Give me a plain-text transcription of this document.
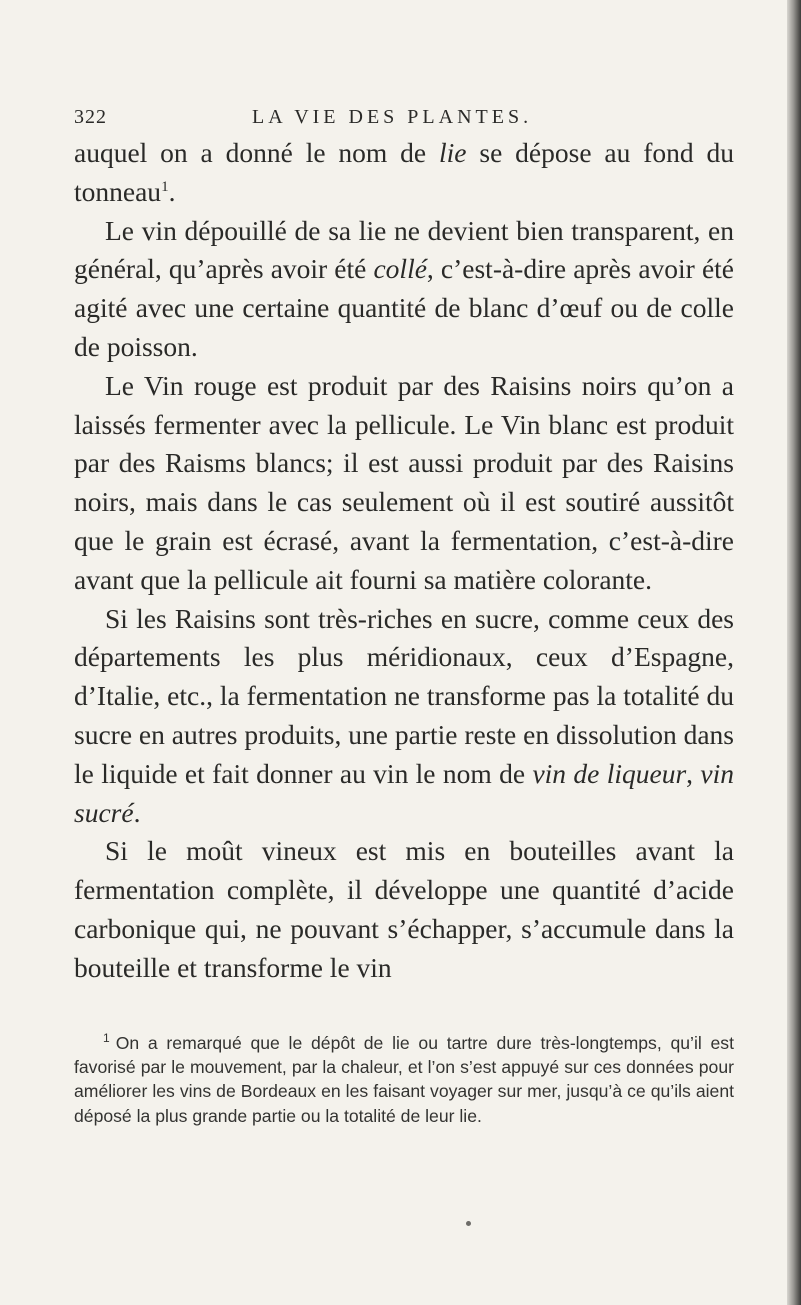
322	LA VIE DES PLANTES.

auquel on a donné le nom de lie se dépose au fond du tonneau$^1$.

Le vin dépouillé de sa lie ne devient bien transparent, en général, qu’après avoir été collé, c’est-à-dire après avoir été agité avec une certaine quantité de blanc d’œuf ou de colle de poisson.

Le Vin rouge est produit par des Raisins noirs qu’on a laissés fermenter avec la pellicule. Le Vin blanc est produit par des Raisms blancs; il est aussi produit par des Raisins noirs, mais dans le cas seulement où il est soutiré aussitôt que le grain est écrasé, avant la fermentation, c’est-à-dire avant que la pellicule ait fourni sa matière colorante.

Si les Raisins sont très-riches en sucre, comme ceux des départements les plus méridionaux, ceux d’Espagne, d’Italie, etc., la fermentation ne transforme pas la totalité du sucre en autres produits, une partie reste en dissolution dans le liquide et fait donner au vin le nom de vin de liqueur, vin sucré.

Si le moût vineux est mis en bouteilles avant la fermentation complète, il développe une quantité d’acide carbonique qui, ne pouvant s’échapper, s’accumule dans la bouteille et transforme le vin

$^1$ On a remarqué que le dépôt de lie ou tartre dure très-longtemps, qu’il est favorisé par le mouvement, par la chaleur, et l’on s’est appuyé sur ces données pour améliorer les vins de Bordeaux en les faisant voyager sur mer, jusqu’à ce qu’ils aient déposé la plus grande partie ou la totalité de leur lie.
